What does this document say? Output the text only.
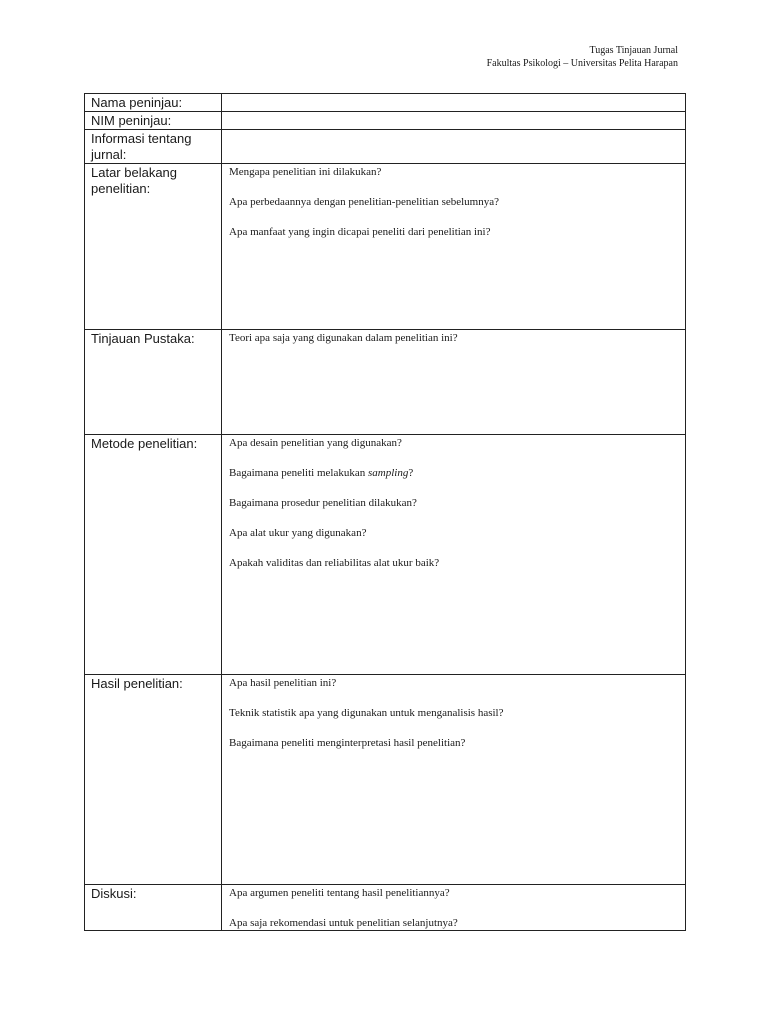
Tugas Tinjauan Jurnal
Fakultas Psikologi – Universitas Pelita Harapan
Nama peninjau:	
NIM peninjau:	
Informasi tentang jurnal:	
Latar belakang penelitian:	Mengapa penelitian ini dilakukan?

Apa perbedaannya dengan penelitian-penelitian sebelumnya?

Apa manfaat yang ingin dicapai peneliti dari penelitian ini?

Tinjauan Pustaka:	Teori apa saja yang digunakan dalam penelitian ini?

Metode penelitian:	Apa desain penelitian yang digunakan?

Bagaimana peneliti melakukan sampling?

Bagaimana prosedur penelitian dilakukan?

Apa alat ukur yang digunakan?

Apakah validitas dan reliabilitas alat ukur baik?

Hasil penelitian:	Apa hasil penelitian ini?

Teknik statistik apa yang digunakan untuk menganalisis hasil?

Bagaimana peneliti menginterpretasi hasil penelitian?

Diskusi:	Apa argumen peneliti tentang hasil penelitiannya?

Apa saja rekomendasi untuk penelitian selanjutnya?
